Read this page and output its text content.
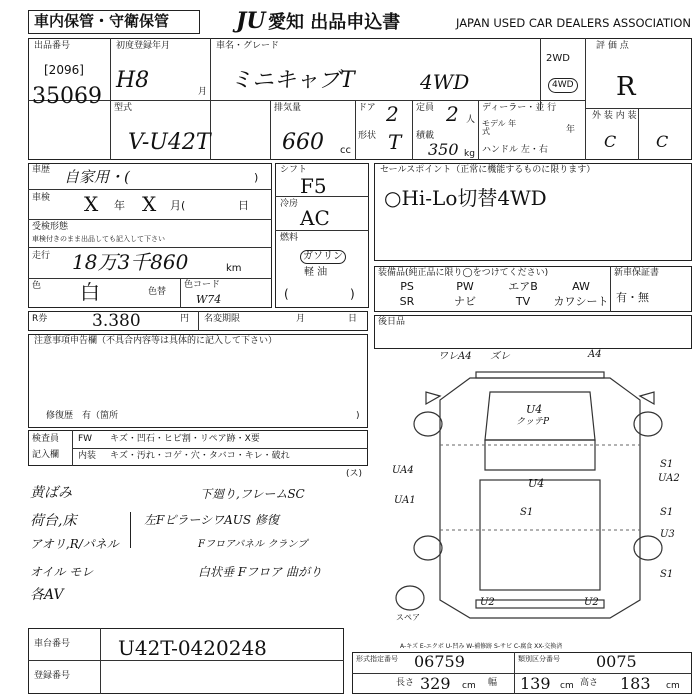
車内保管・守衛保管	JU 愛知 出品申込書	JAPAN USED CAR DEALERS ASSOCIATION
出品番号
[2096]
35069
初度登録年月
H8	月
車名・グレード
ミニキャブT	4WD
2WD
4WD
評 価 点
R
外 装 内 装
C C
型式
V-U42T
排気量
660 cc
ドア 2
形状 T
定員 2 人
積載
350 kg
ディーラー・並 行
モデル 年式	年
ハンドル 左・右
車歴 自家用・(	)
車検 X 年 X 月(	日
受検形態
車検付きのまま出品しても記入して下さい
走行 18万3千860	km
色 白	色替
色コード
W74
シフト
F5
冷房
AC
燃料
ガソリン
軽 油
(	)
セールスポイント（正常に機能するものに限ります）
○Hi-Lo切替4WD
装備品(純正品に限り◯をつけてください)
PS	PW	エアB	AW
SR	ナビ	TV	カワシート
新車保証書
有・無
R券	3.380	円 名変期限	月	日
注意事項申告欄（不具合内容等は具体的に記入して下さい）
修復歴　有（箇所	)
検査員
記入欄
FW キズ・凹石・ヒビ割・リペア跡・X要
内装 キズ・汚れ・コゲ・穴・タバコ・キレ・破れ
(ス)
黄ばみ
荷台,床
アオリ,R/パネル
オイル モレ
各AV
下廻り,フレームSC
左FピラーシワAUS 修復
Fフロアパネル クランプ
白状垂 Fフロア 曲がり
車台番号 U42T-0420248
登録番号
後日品
ワレA4 ズレ	A4
U4
クッテP
U4
S1
UA4
UA1
S1
UA2
S1
U3
U2	U2
S1
スペア
A-キズ E-エクボ U-凹み W-補修跡 S-サビ C-腐食 XX-交換済
形式指定番号 06759	類別区分番号 0075
長さ 329 cm 幅 139 cm 高さ 183 cm
